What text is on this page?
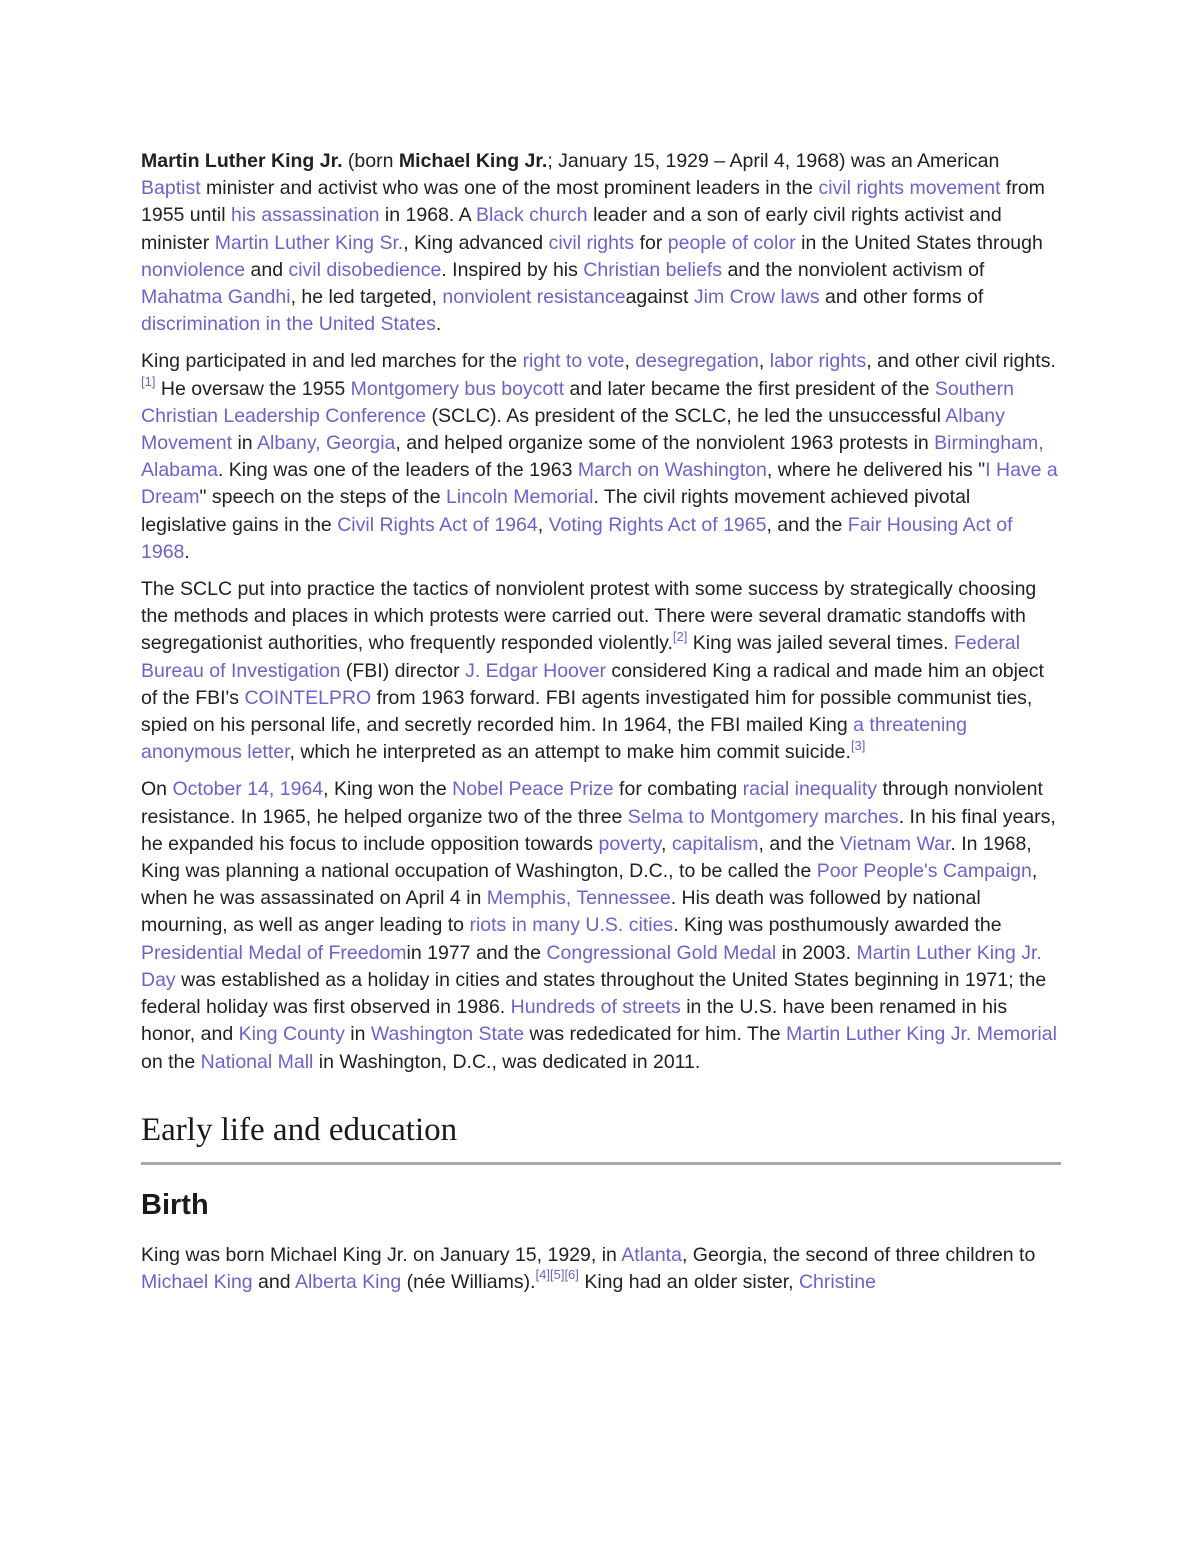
Martin Luther King Jr. (born Michael King Jr.; January 15, 1929 – April 4, 1968) was an American Baptist minister and activist who was one of the most prominent leaders in the civil rights movement from 1955 until his assassination in 1968. A Black church leader and a son of early civil rights activist and minister Martin Luther King Sr., King advanced civil rights for people of color in the United States through nonviolence and civil disobedience. Inspired by his Christian beliefs and the nonviolent activism of Mahatma Gandhi, he led targeted, nonviolent resistanceagainst Jim Crow laws and other forms of discrimination in the United States.

King participated in and led marches for the right to vote, desegregation, labor rights, and other civil rights.[1] He oversaw the 1955 Montgomery bus boycott and later became the first president of the Southern Christian Leadership Conference (SCLC). As president of the SCLC, he led the unsuccessful Albany Movement in Albany, Georgia, and helped organize some of the nonviolent 1963 protests in Birmingham, Alabama. King was one of the leaders of the 1963 March on Washington, where he delivered his "I Have a Dream" speech on the steps of the Lincoln Memorial. The civil rights movement achieved pivotal legislative gains in the Civil Rights Act of 1964, Voting Rights Act of 1965, and the Fair Housing Act of 1968.

The SCLC put into practice the tactics of nonviolent protest with some success by strategically choosing the methods and places in which protests were carried out. There were several dramatic standoffs with segregationist authorities, who frequently responded violently.[2] King was jailed several times. Federal Bureau of Investigation (FBI) director J. Edgar Hoover considered King a radical and made him an object of the FBI's COINTELPRO from 1963 forward. FBI agents investigated him for possible communist ties, spied on his personal life, and secretly recorded him. In 1964, the FBI mailed King a threatening anonymous letter, which he interpreted as an attempt to make him commit suicide.[3]

On October 14, 1964, King won the Nobel Peace Prize for combating racial inequality through nonviolent resistance. In 1965, he helped organize two of the three Selma to Montgomery marches. In his final years, he expanded his focus to include opposition towards poverty, capitalism, and the Vietnam War. In 1968, King was planning a national occupation of Washington, D.C., to be called the Poor People's Campaign, when he was assassinated on April 4 in Memphis, Tennessee. His death was followed by national mourning, as well as anger leading to riots in many U.S. cities. King was posthumously awarded the Presidential Medal of Freedomin 1977 and the Congressional Gold Medal in 2003. Martin Luther King Jr. Day was established as a holiday in cities and states throughout the United States beginning in 1971; the federal holiday was first observed in 1986. Hundreds of streets in the U.S. have been renamed in his honor, and King County in Washington State was rededicated for him. The Martin Luther King Jr. Memorial on the National Mall in Washington, D.C., was dedicated in 2011.

Early life and education
Birth

King was born Michael King Jr. on January 15, 1929, in Atlanta, Georgia, the second of three children to Michael King and Alberta King (née Williams).[4][5][6] King had an older sister, Christine
